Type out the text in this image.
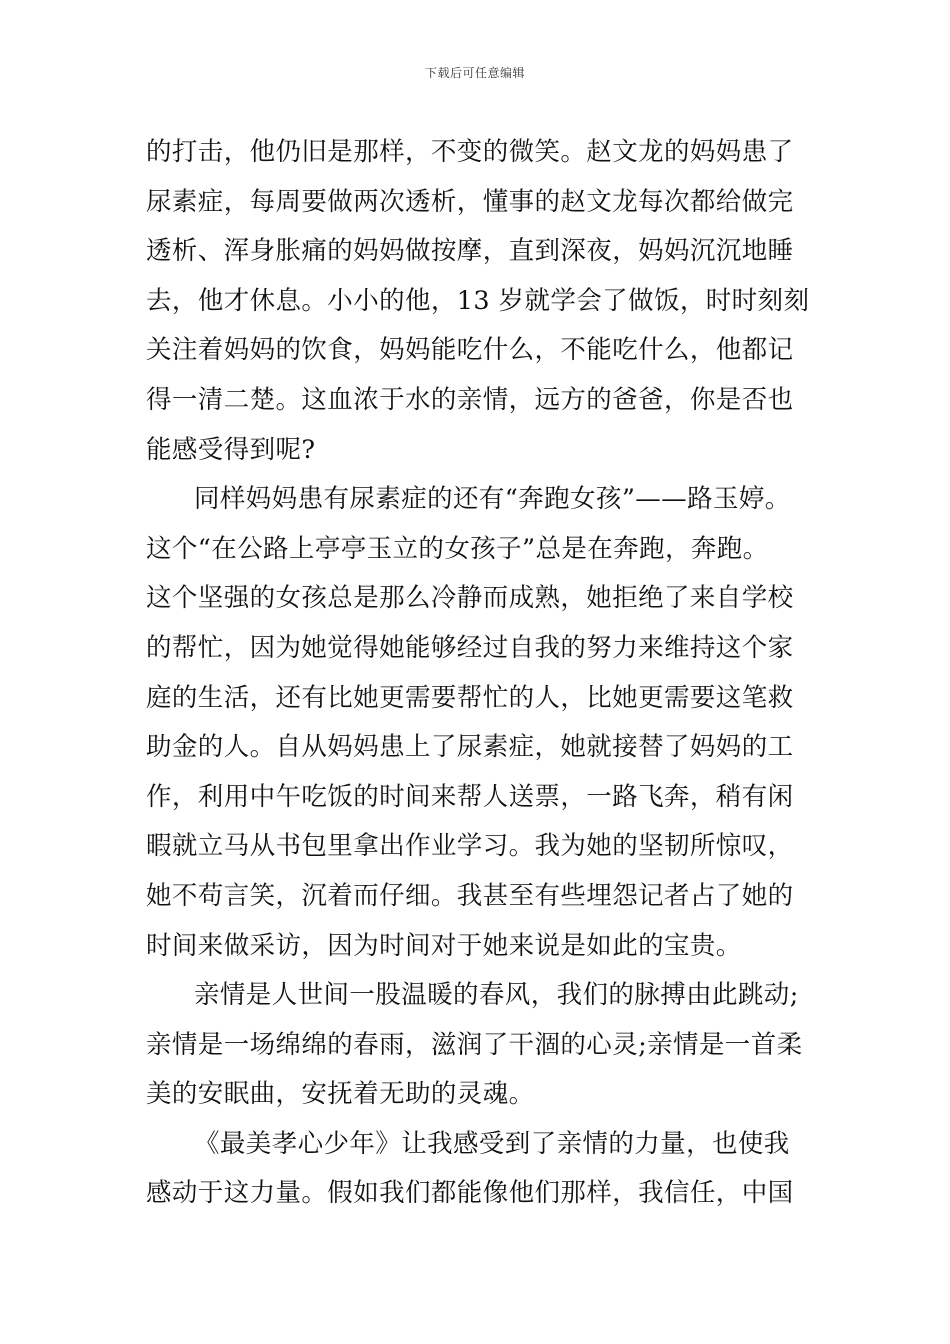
下载后可任意编辑
的打击，他仍旧是那样，不变的微笑。赵文龙的妈妈患了
尿素症，每周要做两次透析，懂事的赵文龙每次都给做完
透析、浑身胀痛的妈妈做按摩，直到深夜，妈妈沉沉地睡
去，他才休息。小小的他，13 岁就学会了做饭，时时刻刻
关注着妈妈的饮食，妈妈能吃什么，不能吃什么，他都记
得一清二楚。这血浓于水的亲情，远方的爸爸，你是否也
能感受得到呢?
同样妈妈患有尿素症的还有“奔跑女孩”——路玉婷。
这个“在公路上亭亭玉立的女孩子”总是在奔跑，奔跑。
这个坚强的女孩总是那么冷静而成熟，她拒绝了来自学校
的帮忙，因为她觉得她能够经过自我的努力来维持这个家
庭的生活，还有比她更需要帮忙的人，比她更需要这笔救
助金的人。自从妈妈患上了尿素症，她就接替了妈妈的工
作，利用中午吃饭的时间来帮人送票，一路飞奔，稍有闲
暇就立马从书包里拿出作业学习。我为她的坚韧所惊叹，
她不苟言笑，沉着而仔细。我甚至有些埋怨记者占了她的
时间来做采访，因为时间对于她来说是如此的宝贵。
亲情是人世间一股温暖的春风，我们的脉搏由此跳动;
亲情是一场绵绵的春雨，滋润了干涸的心灵;亲情是一首柔
美的安眠曲，安抚着无助的灵魂。
《最美孝心少年》让我感受到了亲情的力量，也使我
感动于这力量。假如我们都能像他们那样，我信任，中国
